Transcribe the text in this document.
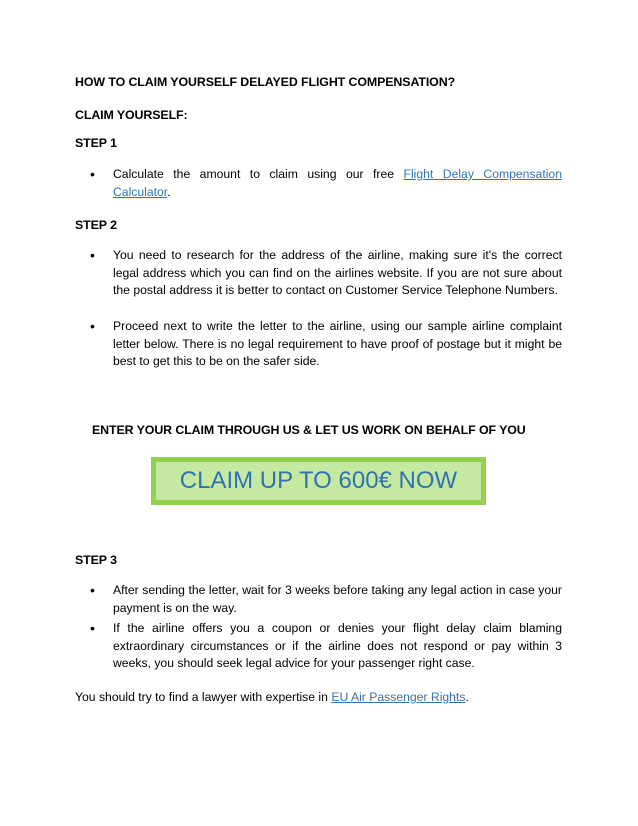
HOW TO CLAIM YOURSELF DELAYED FLIGHT COMPENSATION?
CLAIM YOURSELF:
STEP 1
• Calculate the amount to claim using our free Flight Delay Compensation Calculator.
STEP 2
• You need to research for the address of the airline, making sure it's the correct legal address which you can find on the airlines website. If you are not sure about the postal address it is better to contact on Customer Service Telephone Numbers.
• Proceed next to write the letter to the airline, using our sample airline complaint letter below. There is no legal requirement to have proof of postage but it might be best to get this to be on the safer side.
ENTER YOUR CLAIM THROUGH US & LET US WORK ON BEHALF OF YOU
CLAIM UP TO 600€ NOW
STEP 3
• After sending the letter, wait for 3 weeks before taking any legal action in case your payment is on the way.
• If the airline offers you a coupon or denies your flight delay claim blaming extraordinary circumstances or if the airline does not respond or pay within 3 weeks, you should seek legal advice for your passenger right case.
You should try to find a lawyer with expertise in EU Air Passenger Rights.
